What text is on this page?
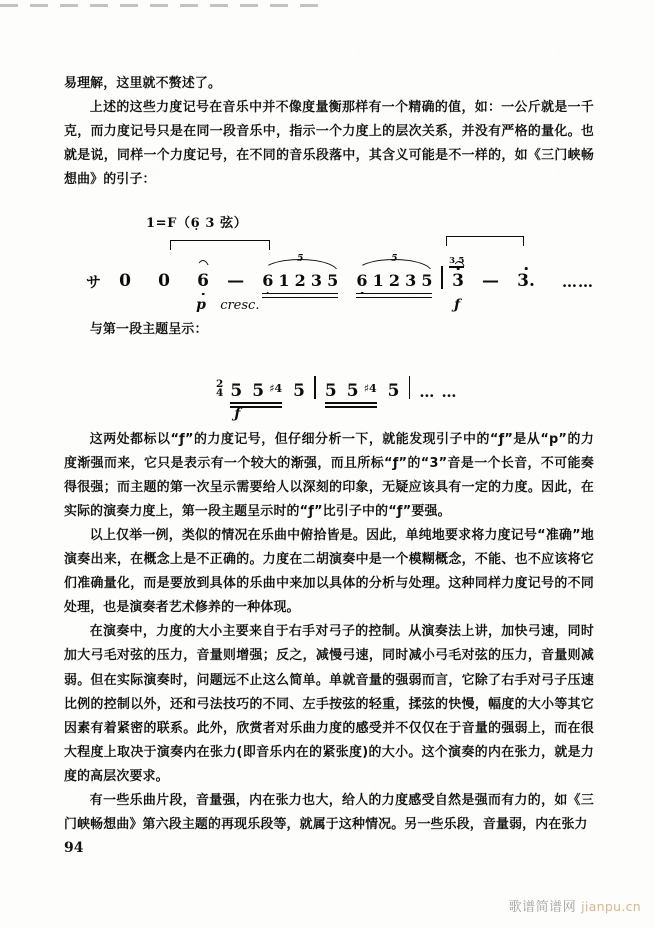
易理解，这里就不赘述了。

上述的这些力度记号在音乐中并不像度量衡那样有一个精确的值，如：一公斤就是一千克，而力度记号只是在同一段音乐中，指示一个力度上的层次关系，并没有严格的量化。也就是说，同样一个力度记号，在不同的音乐段落中，其含义可能是不一样的，如《三门峡畅想曲》的引子：

1=F（6̣ 3 弦）
サ 0 0 6
p
—
5
6 1 2 3 5
cresc.
5
6 1 2 3 5
3 5
3
ƒ
— 3. ……

与第一段主题呈示：

2
4 5 5 ♯4
ƒ
5 5 5 ♯4 5 … …

这两处都标以“ƒ”的力度记号，但仔细分析一下，就能发现引子中的“ƒ”是从“p”的力度渐强而来，它只是表示有一个较大的渐强，而且所标“ƒ”的“3”音是一个长音，不可能奏得很强；而主题的第一次呈示需要给人以深刻的印象，无疑应该具有一定的力度。因此，在实际的演奏力度上，第一段主题呈示时的“ƒ”比引子中的“ƒ”要强。

以上仅举一例，类似的情况在乐曲中俯拾皆是。因此，单纯地要求将力度记号“准确”地演奏出来，在概念上是不正确的。力度在二胡演奏中是一个模糊概念，不能、也不应该将它们准确量化，而是要放到具体的乐曲中来加以具体的分析与处理。这种同样力度记号的不同处理，也是演奏者艺术修养的一种体现。

在演奏中，力度的大小主要来自于右手对弓子的控制。从演奏法上讲，加快弓速，同时加大弓毛对弦的压力，音量则增强；反之，减慢弓速，同时减小弓毛对弦的压力，音量则减弱。但在实际演奏时，问题远不止这么简单。单就音量的强弱而言，它除了右手对弓子压速比例的控制以外，还和弓法技巧的不同、左手按弦的轻重，揉弦的快慢，幅度的大小等其它因素有着紧密的联系。此外，欣赏者对乐曲力度的感受并不仅仅在于音量的强弱上，而在很大程度上取决于演奏内在张力(即音乐内在的紧张度)的大小。这个演奏的内在张力，就是力度的高层次要求。

有一些乐曲片段，音量强，内在张力也大，给人的力度感受自然是强而有力的，如《三门峡畅想曲》第六段主题的再现乐段等，就属于这种情况。另一些乐段，音量弱，内在张力

94
歌谱简谱网 jianpu.cn
